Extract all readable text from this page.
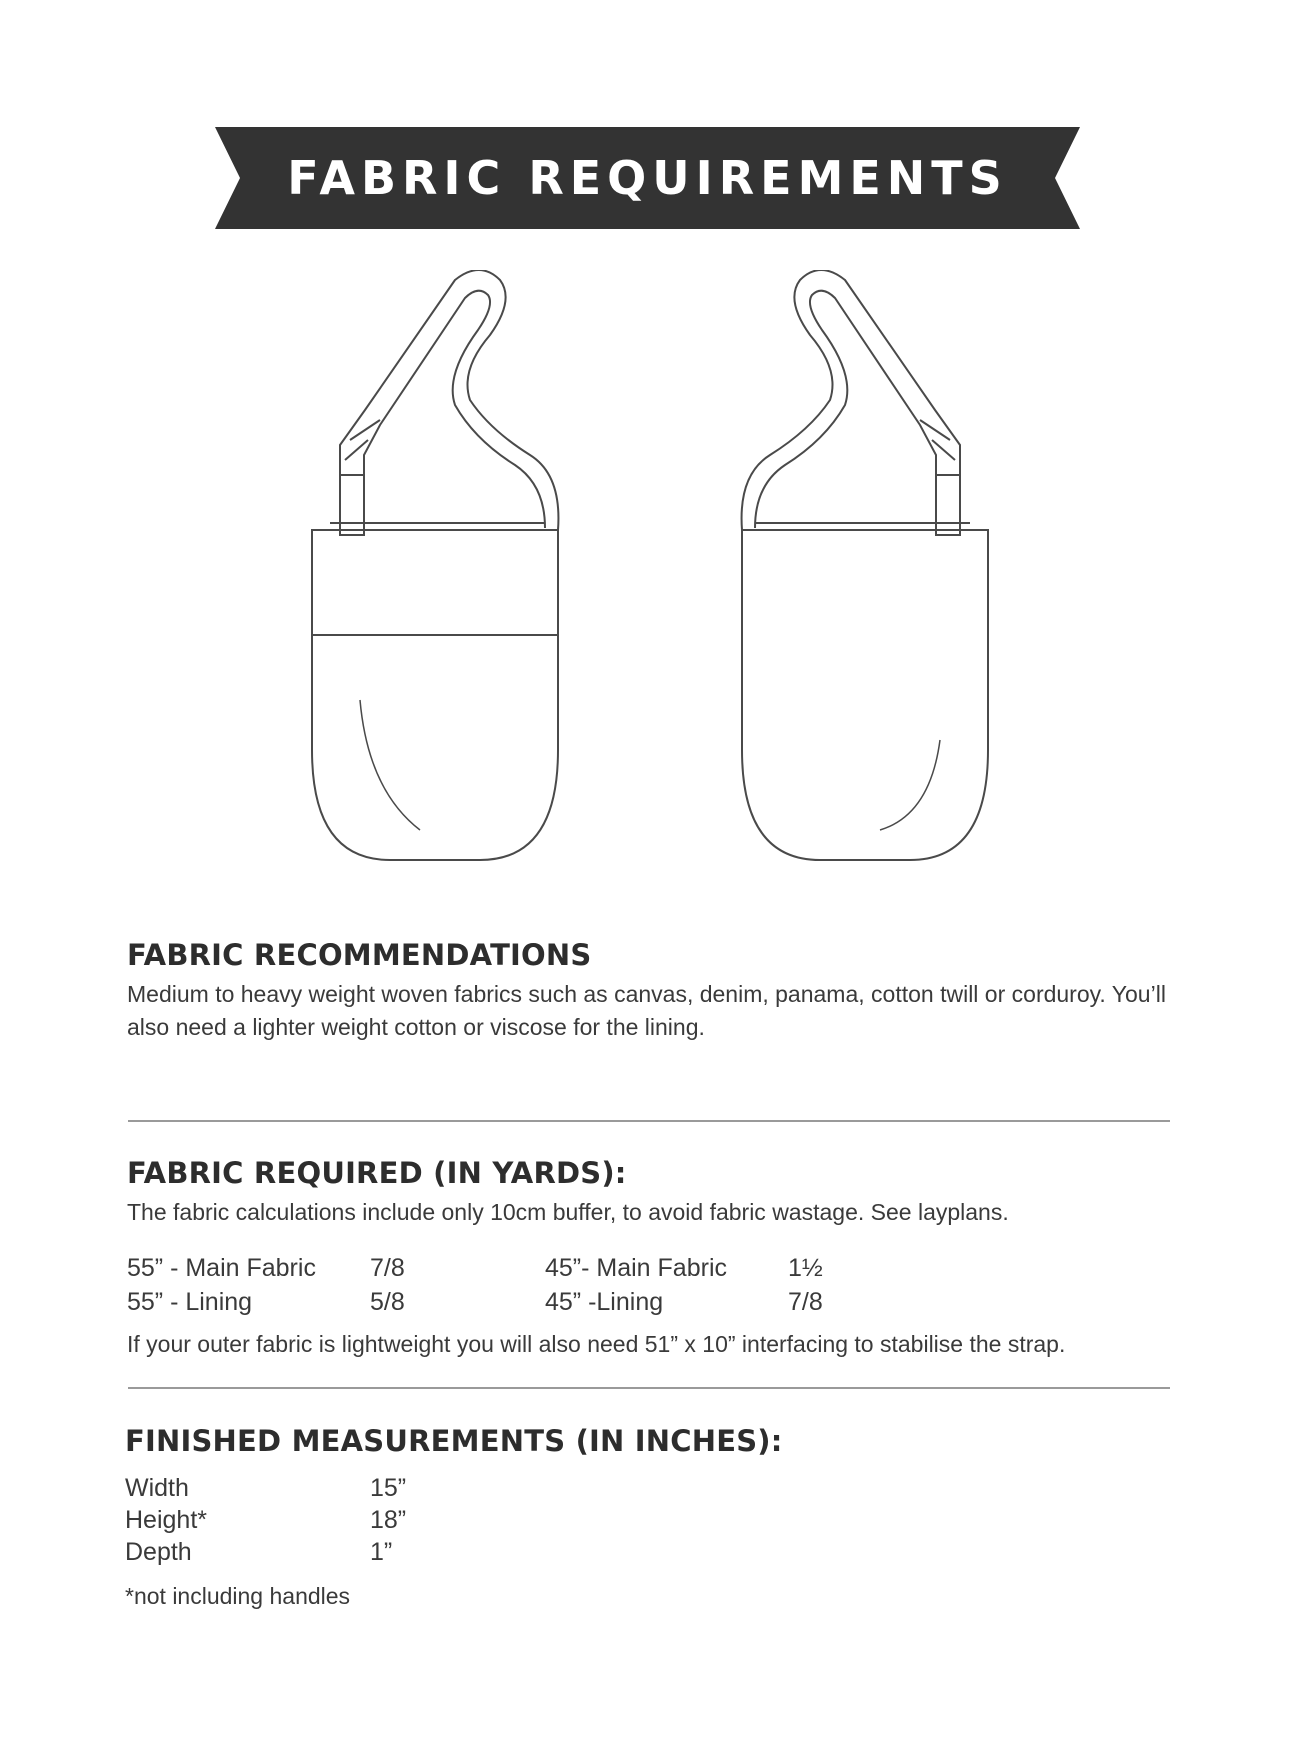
FABRIC REQUIREMENTS
FABRIC RECOMMENDATIONS
Medium to heavy weight woven fabrics such as canvas, denim, panama, cotton twill or corduroy. You’ll
also need a lighter weight cotton or viscose for the lining.
FABRIC REQUIRED (IN YARDS):
The fabric calculations include only 10cm buffer, to avoid fabric wastage. See layplans.
55” - Main Fabric 7/8	45”- Main Fabric 1½
55” - Lining	5/8	45” -Lining	7/8
If your outer fabric is lightweight you will also need 51” x 10” interfacing to stabilise the strap.
FINISHED MEASUREMENTS (IN INCHES):
Width	15”
Height*	18”
Depth	1”
*not including handles
